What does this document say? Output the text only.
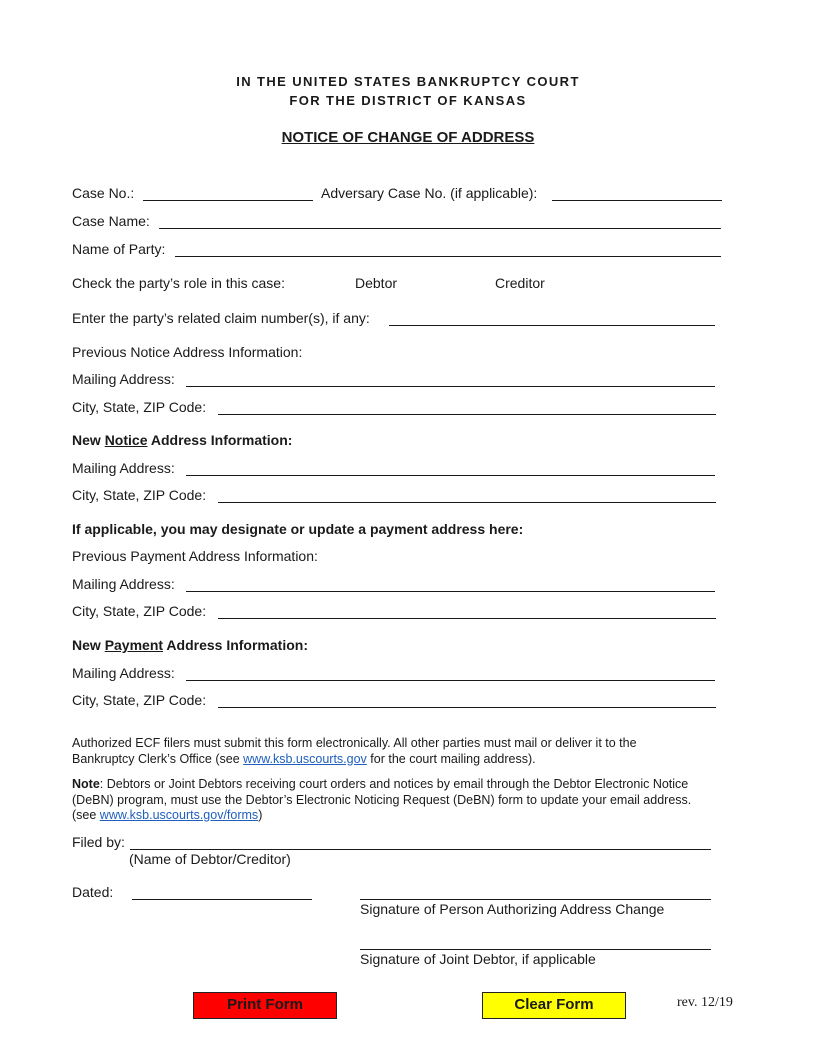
IN THE UNITED STATES BANKRUPTCY COURT
FOR THE DISTRICT OF KANSAS
NOTICE OF CHANGE OF ADDRESS
Case No.:	Adversary Case No. (if applicable):
Case Name:
Name of Party:
Check the party’s role in this case:	Debtor	Creditor
Enter the party’s related claim number(s), if any:
Previous Notice Address Information:
Mailing Address:
City, State, ZIP Code:
New Notice Address Information:
Mailing Address:
City, State, ZIP Code:
If applicable, you may designate or update a payment address here:
Previous Payment Address Information:
Mailing Address:
City, State, ZIP Code:
New Payment Address Information:
Mailing Address:
City, State, ZIP Code:
Authorized ECF filers must submit this form electronically. All other parties must mail or deliver it to the
Bankruptcy Clerk’s Office (see www.ksb.uscourts.gov for the court mailing address).
Note: Debtors or Joint Debtors receiving court orders and notices by email through the Debtor Electronic Notice
(DeBN) program, must use the Debtor’s Electronic Noticing Request (DeBN) form to update your email address.
(see www.ksb.uscourts.gov/forms)
Filed by:
(Name of Debtor/Creditor)
Dated:
Signature of Person Authorizing Address Change
Signature of Joint Debtor, if applicable
Print Form	Clear Form	rev. 12/19
